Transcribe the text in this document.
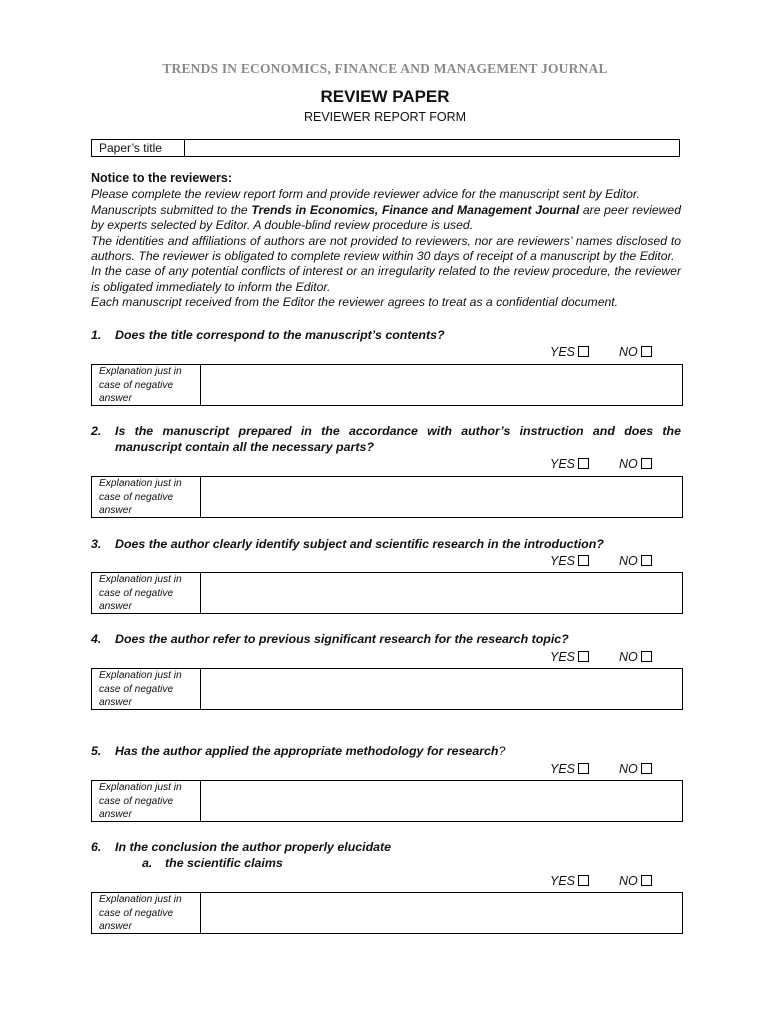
TRENDS IN ECONOMICS, FINANCE AND MANAGEMENT JOURNAL
REVIEW PAPER
REVIEWER REPORT FORM
Paper’s title
Notice to the reviewers:

Please complete the review report form and provide reviewer advice for the manuscript sent by Editor.

Manuscripts submitted to the Trends in Economics, Finance and Management Journal are peer reviewed by experts selected by Editor. A double-blind review procedure is used.

The identities and affiliations of authors are not provided to reviewers, nor are reviewers’ names disclosed to authors. The reviewer is obligated to complete review within 30 days of receipt of a manuscript by the Editor.

In the case of any potential conflicts of interest or an irregularity related to the review procedure, the reviewer is obligated immediately to inform the Editor.

Each manuscript received from the Editor the reviewer agrees to treat as a confidential document.

1. Does the title correspond to the manuscript’s contents?
YES	NO
Explanation just in case of negative answer
2.	Is the manuscript prepared in the accordance with author’s instruction and does the manuscript contain all the necessary parts?
YES	NO
Explanation just in case of negative answer
3. Does the author clearly identify subject and scientific research in the introduction?
YES	NO
Explanation just in case of negative answer
4. Does the author refer to previous significant research for the research topic?
YES	NO
Explanation just in case of negative answer
5. Has the author applied the appropriate methodology for research?
YES	NO
Explanation just in case of negative answer
6. In the conclusion the author properly elucidate
a. the scientific claims
YES	NO
Explanation just in case of negative answer
